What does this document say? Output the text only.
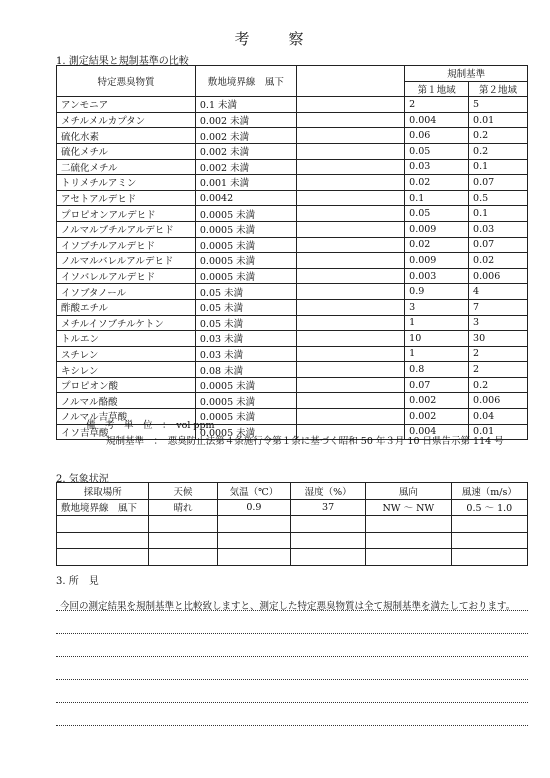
考　察
1. 測定結果と規制基準の比較
特定悪臭物質	敷地境界線　風下		規制基準	
			第１地域	第２地域
アンモニア	0.1 未満		2	5
メチルメルカプタン	0.002 未満		0.004	0.01
硫化水素	0.002 未満		0.06	0.2
硫化メチル	0.002 未満		0.05	0.2
二硫化メチル	0.002 未満		0.03	0.1
トリメチルアミン	0.001 未満		0.02	0.07
アセトアルデヒド	0.0042		0.1	0.5
プロピオンアルデヒド	0.0005 未満		0.05	0.1
ノルマルブチルアルデヒド	0.0005 未満		0.009	0.03
イソブチルアルデヒド	0.0005 未満		0.02	0.07
ノルマルバレルアルデヒド	0.0005 未満		0.009	0.02
イソバレルアルデヒド	0.0005 未満		0.003	0.006
イソブタノール	0.05 未満		0.9	4
酢酸エチル	0.05 未満		3	7
メチルイソブチルケトン	0.05 未満		1	3
トルエン	0.03 未満		10	30
スチレン	0.03 未満		1	2
キシレン	0.08 未満		0.8	2
プロピオン酸	0.0005 未満		0.07	0.2
ノルマル酪酸	0.0005 未満		0.002	0.006
ノルマル吉草酸	0.0005 未満		0.002	0.04
イソ吉草酸	0.0005 未満		0.004	0.01
備　考　単　位　：　vol ppm
規制基準　：　悪臭防止法第４条施行令第１条に基づく昭和 50 年３月 10 日県告示第 114 号
2. 気象状況
採取場所	天候	気温（℃）	湿度（%）	風向	風速（m/s）
敷地境界線　風下	晴れ	0.9	37	NW ～ NW	0.5 ～ 1.0

3. 所　見
今回の測定結果を規制基準と比較致しますと、測定した特定悪臭物質は全て規制基準を満たしております。
